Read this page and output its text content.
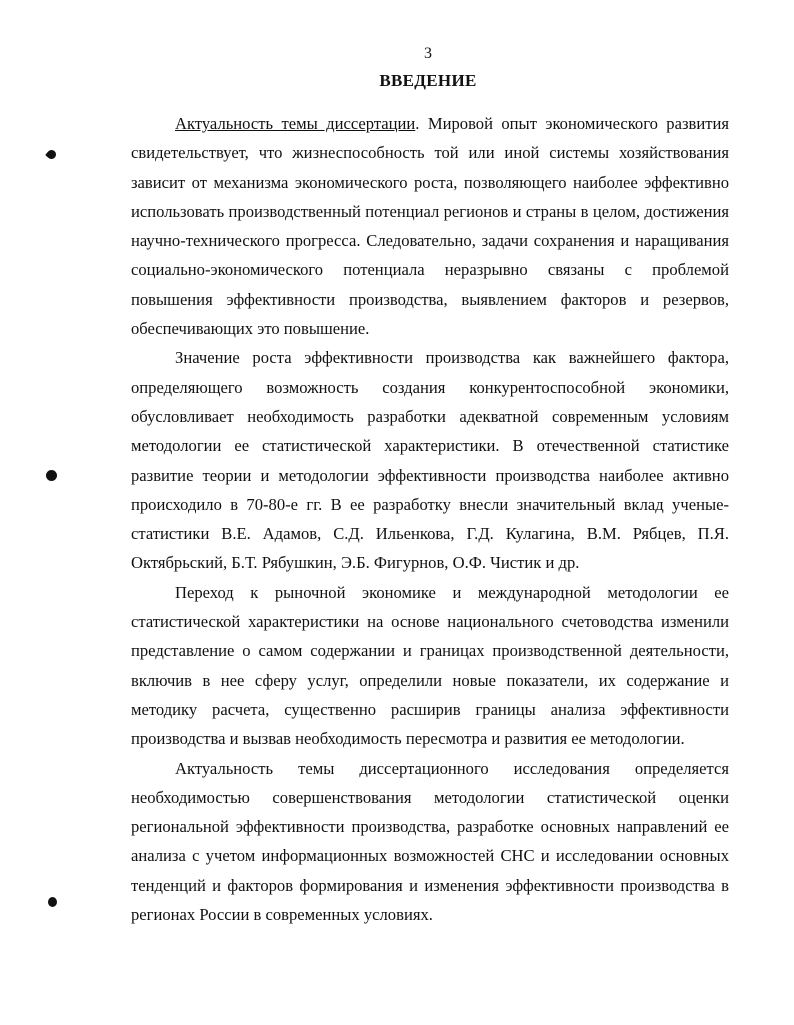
3
ВВЕДЕНИЕ

Актуальность темы диссертации. Мировой опыт экономического развития свидетельствует, что жизнеспособность той или иной системы хозяйствования зависит от механизма экономического роста, позволяющего наиболее эффективно использовать производственный потенциал регионов и страны в целом, достижения научно-технического прогресса. Следовательно, задачи сохранения и наращивания социально-экономического потенциала неразрывно связаны с проблемой повышения эффективности производства, выявлением факторов и резервов, обеспечивающих это повышение.

Значение роста эффективности производства как важнейшего фактора, определяющего возможность создания конкурентоспособной экономики, обусловливает необходимость разработки адекватной современным условиям методологии ее статистической характеристики. В отечественной статистике развитие теории и методологии эффективности производства наиболее активно происходило в 70-80-е гг. В ее разработку внесли значительный вклад ученые-статистики В.Е. Адамов, С.Д. Ильенкова, Г.Д. Кулагина, В.М. Рябцев, П.Я. Октябрьский, Б.Т. Рябушкин, Э.Б. Фигурнов, О.Ф. Чистик и др.

Переход к рыночной экономике и международной методологии ее статистической характеристики на основе национального счетоводства изменили представление о самом содержании и границах производственной деятельности, включив в нее сферу услуг, определили новые показатели, их содержание и методику расчета, существенно расширив границы анализа эффективности производства и вызвав необходимость пересмотра и развития ее методологии.

Актуальность темы диссертационного исследования определяется необходимостью совершенствования методологии статистической оценки региональной эффективности производства, разработке основных направлений ее анализа с учетом информационных возможностей СНС и исследовании основных тенденций и факторов формирования и изменения эффективности производства в регионах России в современных условиях.
